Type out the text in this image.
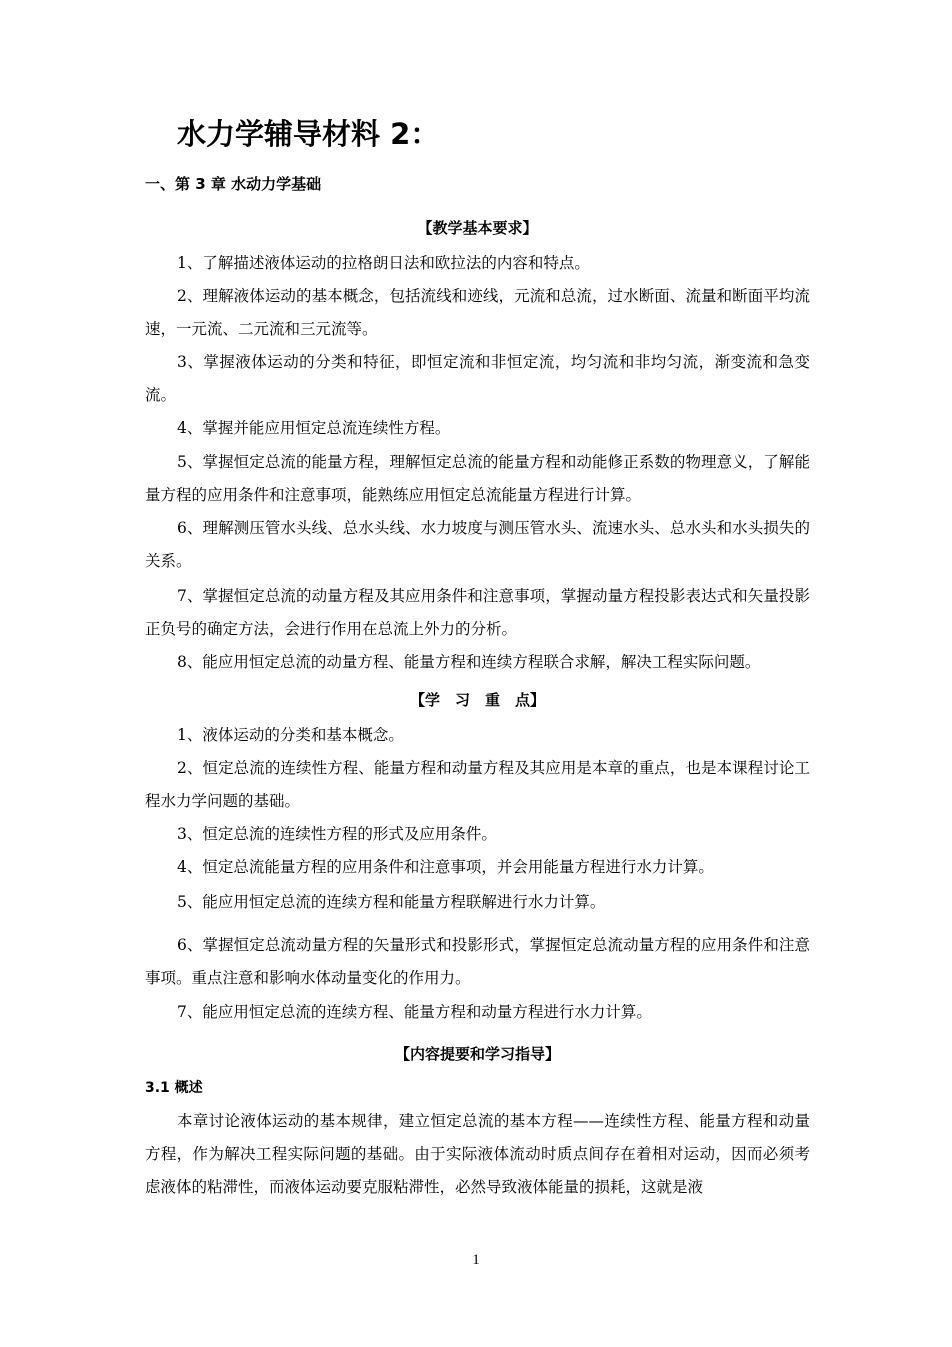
水力学辅导材料 2：
一、第 3 章 水动力学基础
【教学基本要求】

1、了解描述液体运动的拉格朗日法和欧拉法的内容和特点。

2、理解液体运动的基本概念，包括流线和迹线，元流和总流，过水断面、流量和断面平均流速，一元流、二元流和三元流等。

3、掌握液体运动的分类和特征，即恒定流和非恒定流，均匀流和非均匀流，渐变流和急变流。

4、掌握并能应用恒定总流连续性方程。

5、掌握恒定总流的能量方程，理解恒定总流的能量方程和动能修正系数的物理意义，了解能量方程的应用条件和注意事项，能熟练应用恒定总流能量方程进行计算。

6、理解测压管水头线、总水头线、水力坡度与测压管水头、流速水头、总水头和水头损失的关系。

7、掌握恒定总流的动量方程及其应用条件和注意事项，掌握动量方程投影表达式和矢量投影正负号的确定方法，会进行作用在总流上外力的分析。

8、能应用恒定总流的动量方程、能量方程和连续方程联合求解，解决工程实际问题。

【学　习　重　点】

1、液体运动的分类和基本概念。

2、恒定总流的连续性方程、能量方程和动量方程及其应用是本章的重点，也是本课程讨论工程水力学问题的基础。

3、恒定总流的连续性方程的形式及应用条件。

4、恒定总流能量方程的应用条件和注意事项，并会用能量方程进行水力计算。

5、能应用恒定总流的连续方程和能量方程联解进行水力计算。

6、掌握恒定总流动量方程的矢量形式和投影形式，掌握恒定总流动量方程的应用条件和注意事项。重点注意和影响水体动量变化的作用力。

7、能应用恒定总流的连续方程、能量方程和动量方程进行水力计算。

【内容提要和学习指导】
3.1 概述

本章讨论液体运动的基本规律，建立恒定总流的基本方程——连续性方程、能量方程和动量方程，作为解决工程实际问题的基础。由于实际液体流动时质点间存在着相对运动，因而必须考虑液体的粘滞性，而液体运动要克服粘滞性，必然导致液体能量的损耗，这就是液

1
